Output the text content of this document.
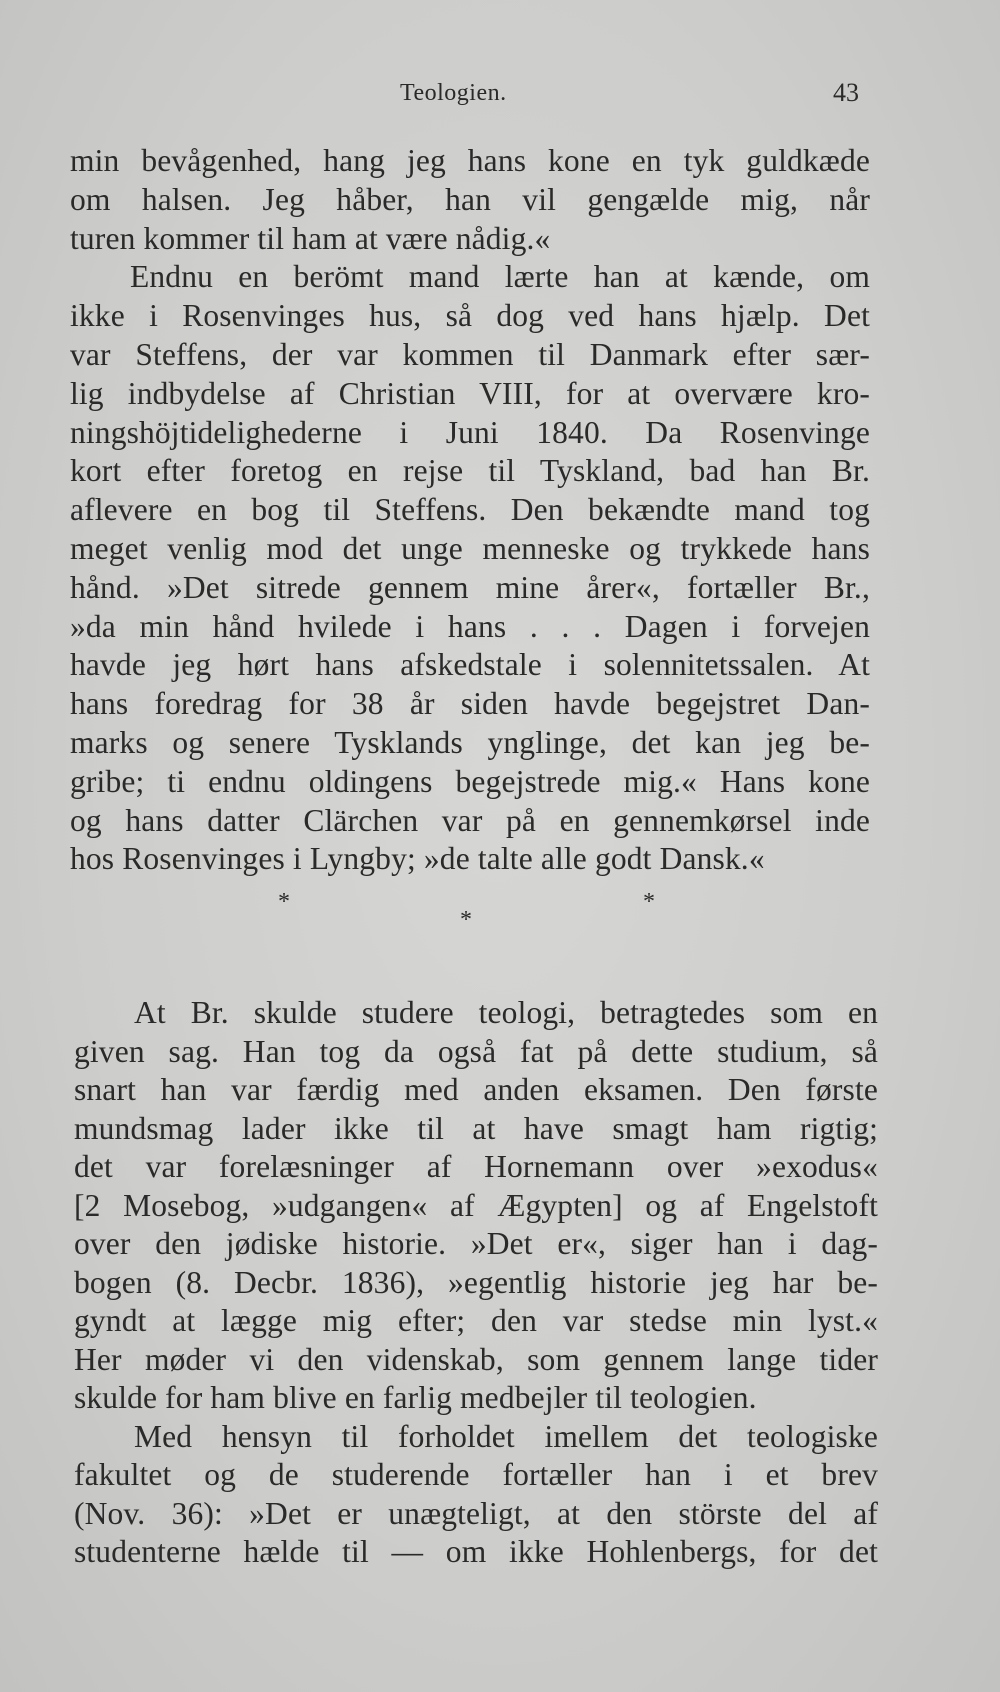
Teologien.	43
min bevågenhed, hang jeg hans kone en tyk guldkæde
om halsen. Jeg håber, han vil gengælde mig, når
turen kommer til ham at være nådig.«
Endnu en berömt mand lærte han at kænde, om
ikke i Rosenvinges hus, så dog ved hans hjælp. Det
var Steffens, der var kommen til Danmark efter sær-
lig indbydelse af Christian VIII, for at overvære kro-
ningshöjtidelighederne i Juni 1840. Da Rosenvinge
kort efter foretog en rejse til Tyskland, bad han Br.
aflevere en bog til Steffens. Den bekændte mand tog
meget venlig mod det unge menneske og trykkede hans
hånd. »Det sitrede gennem mine årer«, fortæller Br.,
»da min hånd hvilede i hans . . . Dagen i forvejen
havde jeg hørt hans afskedstale i solennitetssalen. At
hans foredrag for 38 år siden havde begejstret Dan-
marks og senere Tysklands ynglinge, det kan jeg be-
gribe; ti endnu oldingens begejstrede mig.« Hans kone
og hans datter Clärchen var på en gennemkørsel inde
hos Rosenvinges i Lyngby; »de talte alle godt Dansk.«
*
*
*
At Br. skulde studere teologi, betragtedes som en
given sag. Han tog da også fat på dette studium, så
snart han var færdig med anden eksamen. Den første
mundsmag lader ikke til at have smagt ham rigtig;
det var forelæsninger af Hornemann over »exodus«
[2 Mosebog, »udgangen« af Ægypten] og af Engelstoft
over den jødiske historie. »Det er«, siger han i dag-
bogen (8. Decbr. 1836), »egentlig historie jeg har be-
gyndt at lægge mig efter; den var stedse min lyst.«
Her møder vi den videnskab, som gennem lange tider
skulde for ham blive en farlig medbejler til teologien.
Med hensyn til forholdet imellem det teologiske
fakultet og de studerende fortæller han i et brev
(Nov. 36): »Det er unægteligt, at den störste del af
studenterne hælde til — om ikke Hohlenbergs, for det
